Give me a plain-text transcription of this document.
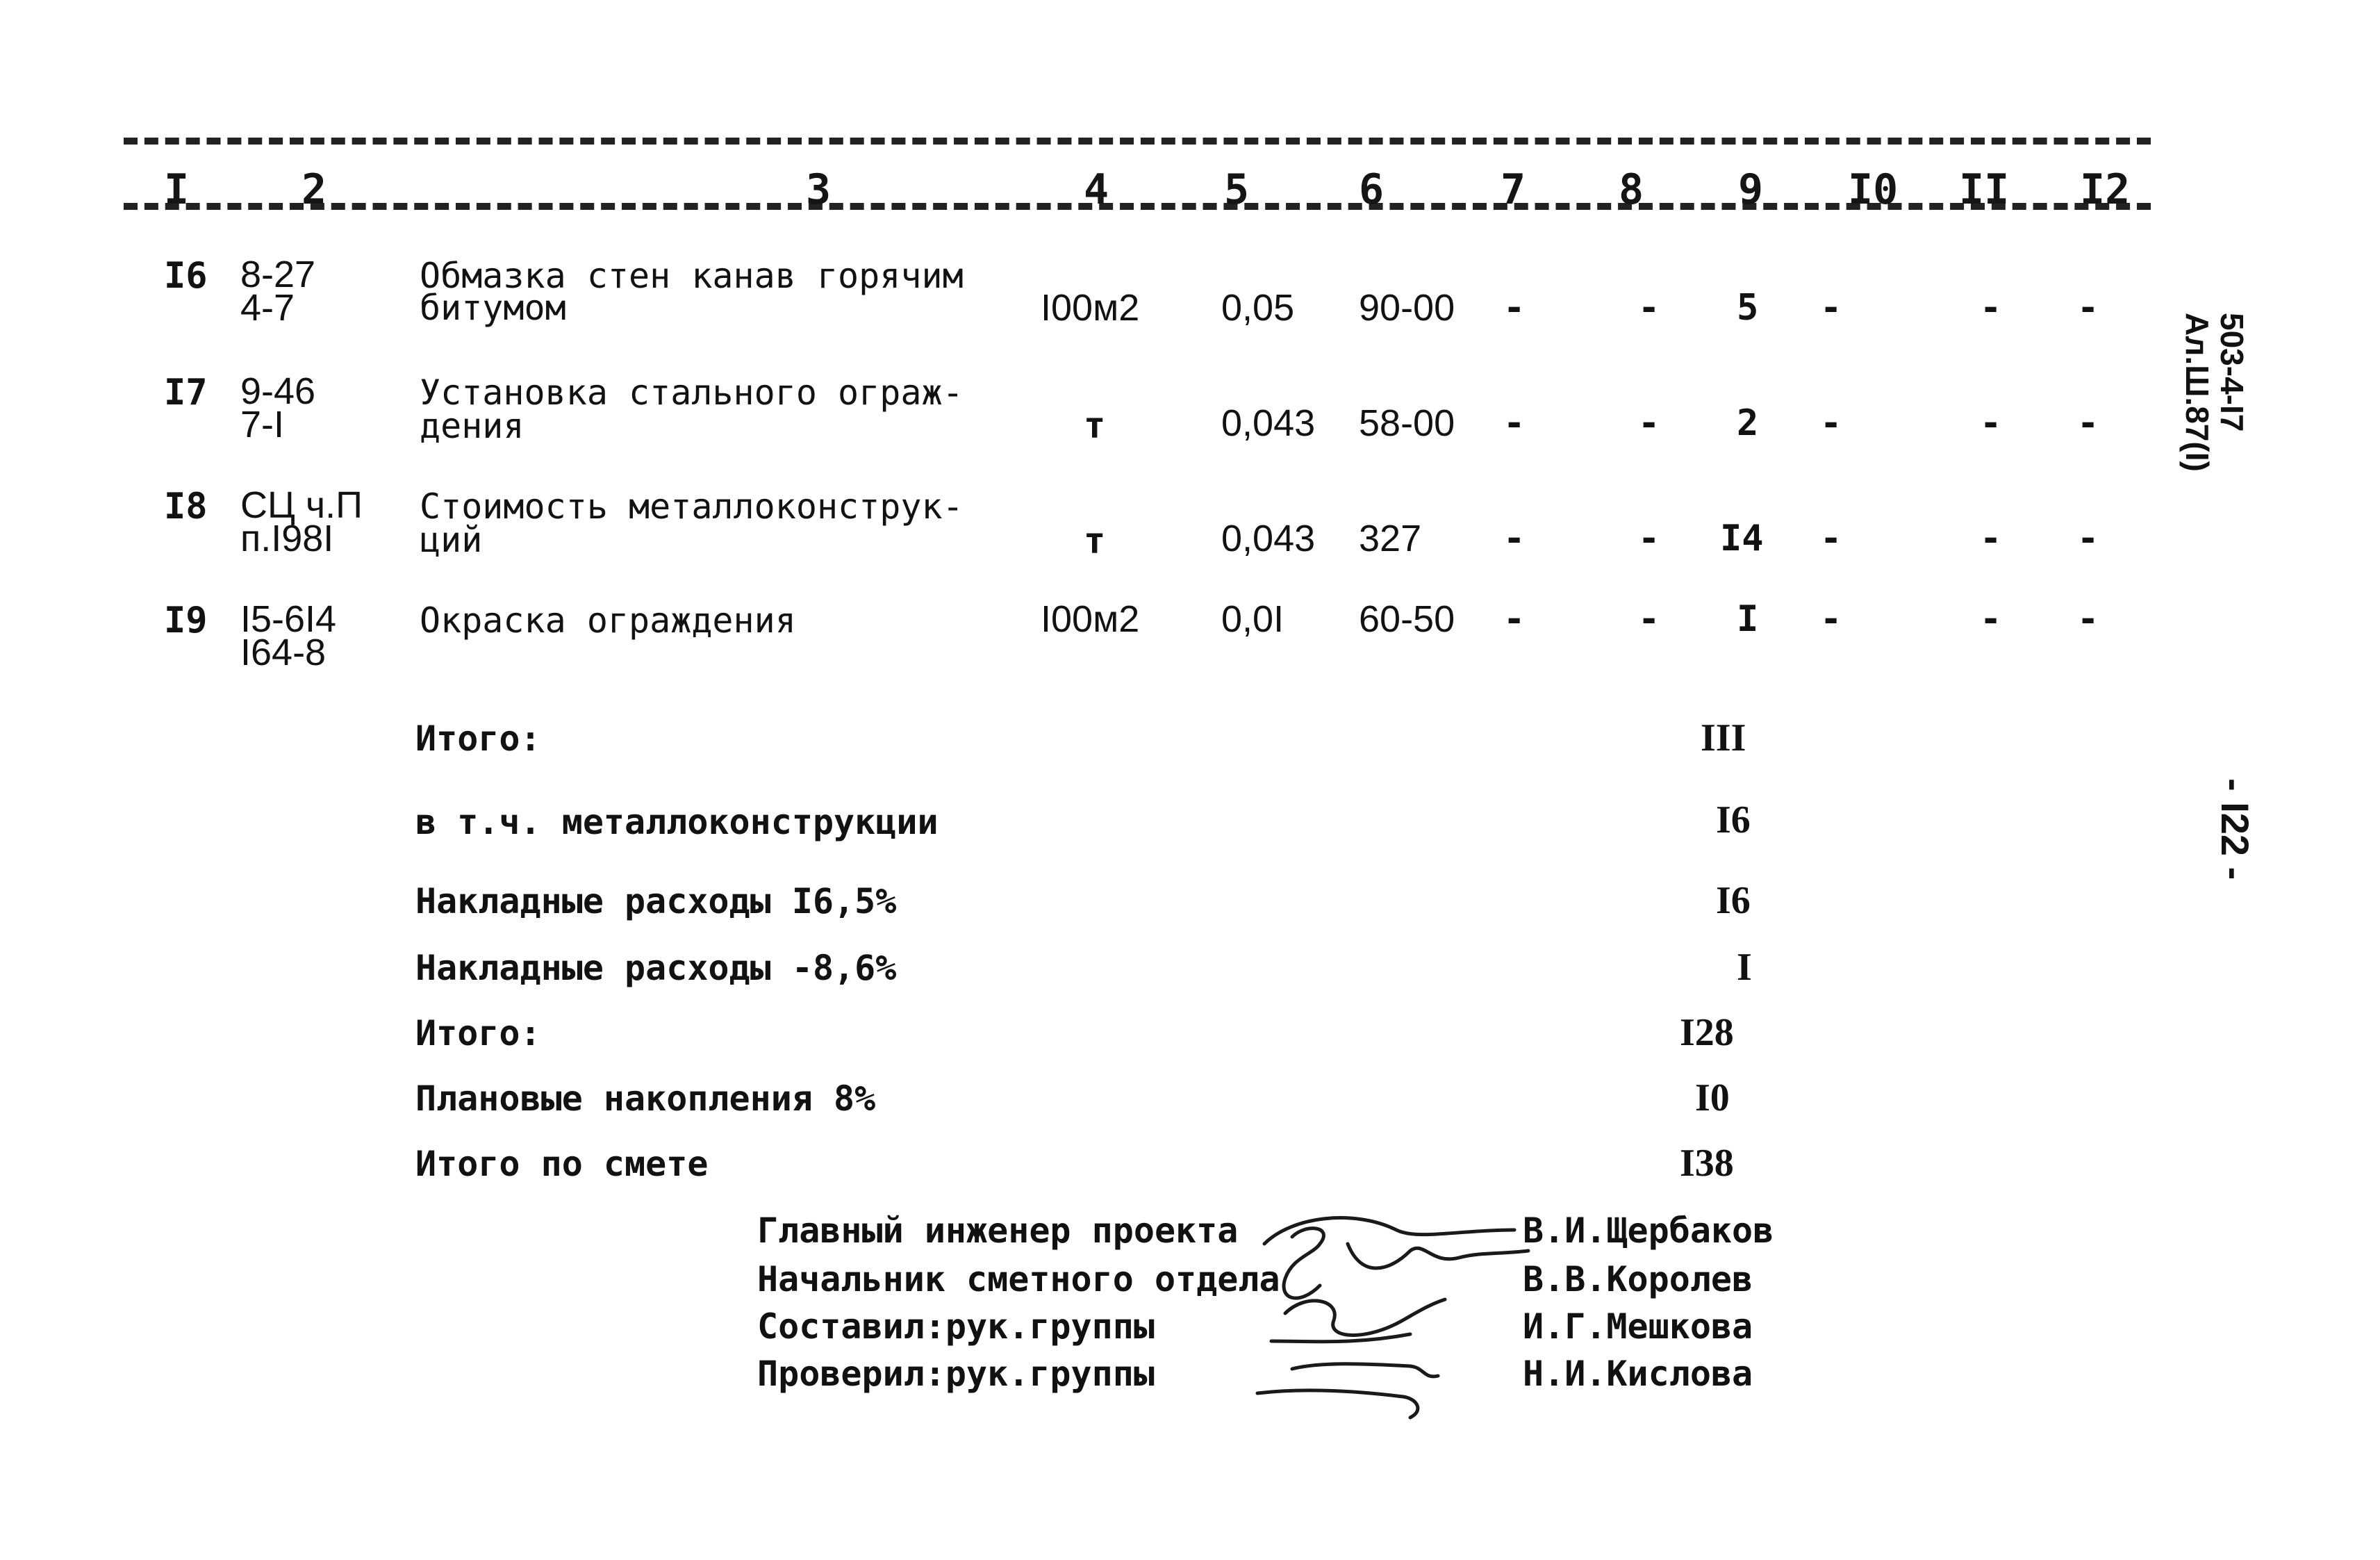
I	2	3	4	5	6	7 8 9 I0 II I2
I6 8-27
4-7
Обмазка стен канав горячим
битумом	I00м2 0,05 90-00 -	- 5 -	- -
I7 9-46
7-I
Установка стального ограж-
дения	т	0,043 58-00 -	- 2 -	- -
I8 СЦ ч.П
п.I98I
Стоимость металлоконструк-
ций	т	0,043 327 -	- I4 -	- -
I9 I5-6I4
I64-8
Окраска ограждения	I00м2 0,0I 60-50 -	- I -	- -
Итого:	III
в т.ч. металлоконструкции	I6
Накладные расходы I6,5%	I6
Накладные расходы -8,6%	I
Итого:	I28
Плановые накопления 8%	I0
Итого по смете	I38
Главный инженер проекта	В.И.Щербаков
Начальник сметного отдела	В.В.Королев
Составил:рук.группы	И.Г.Мешкова
Проверил:рук.группы	Н.И.Кислова
503-4-I7
Ал.Ш.87(I)
- I22 -
